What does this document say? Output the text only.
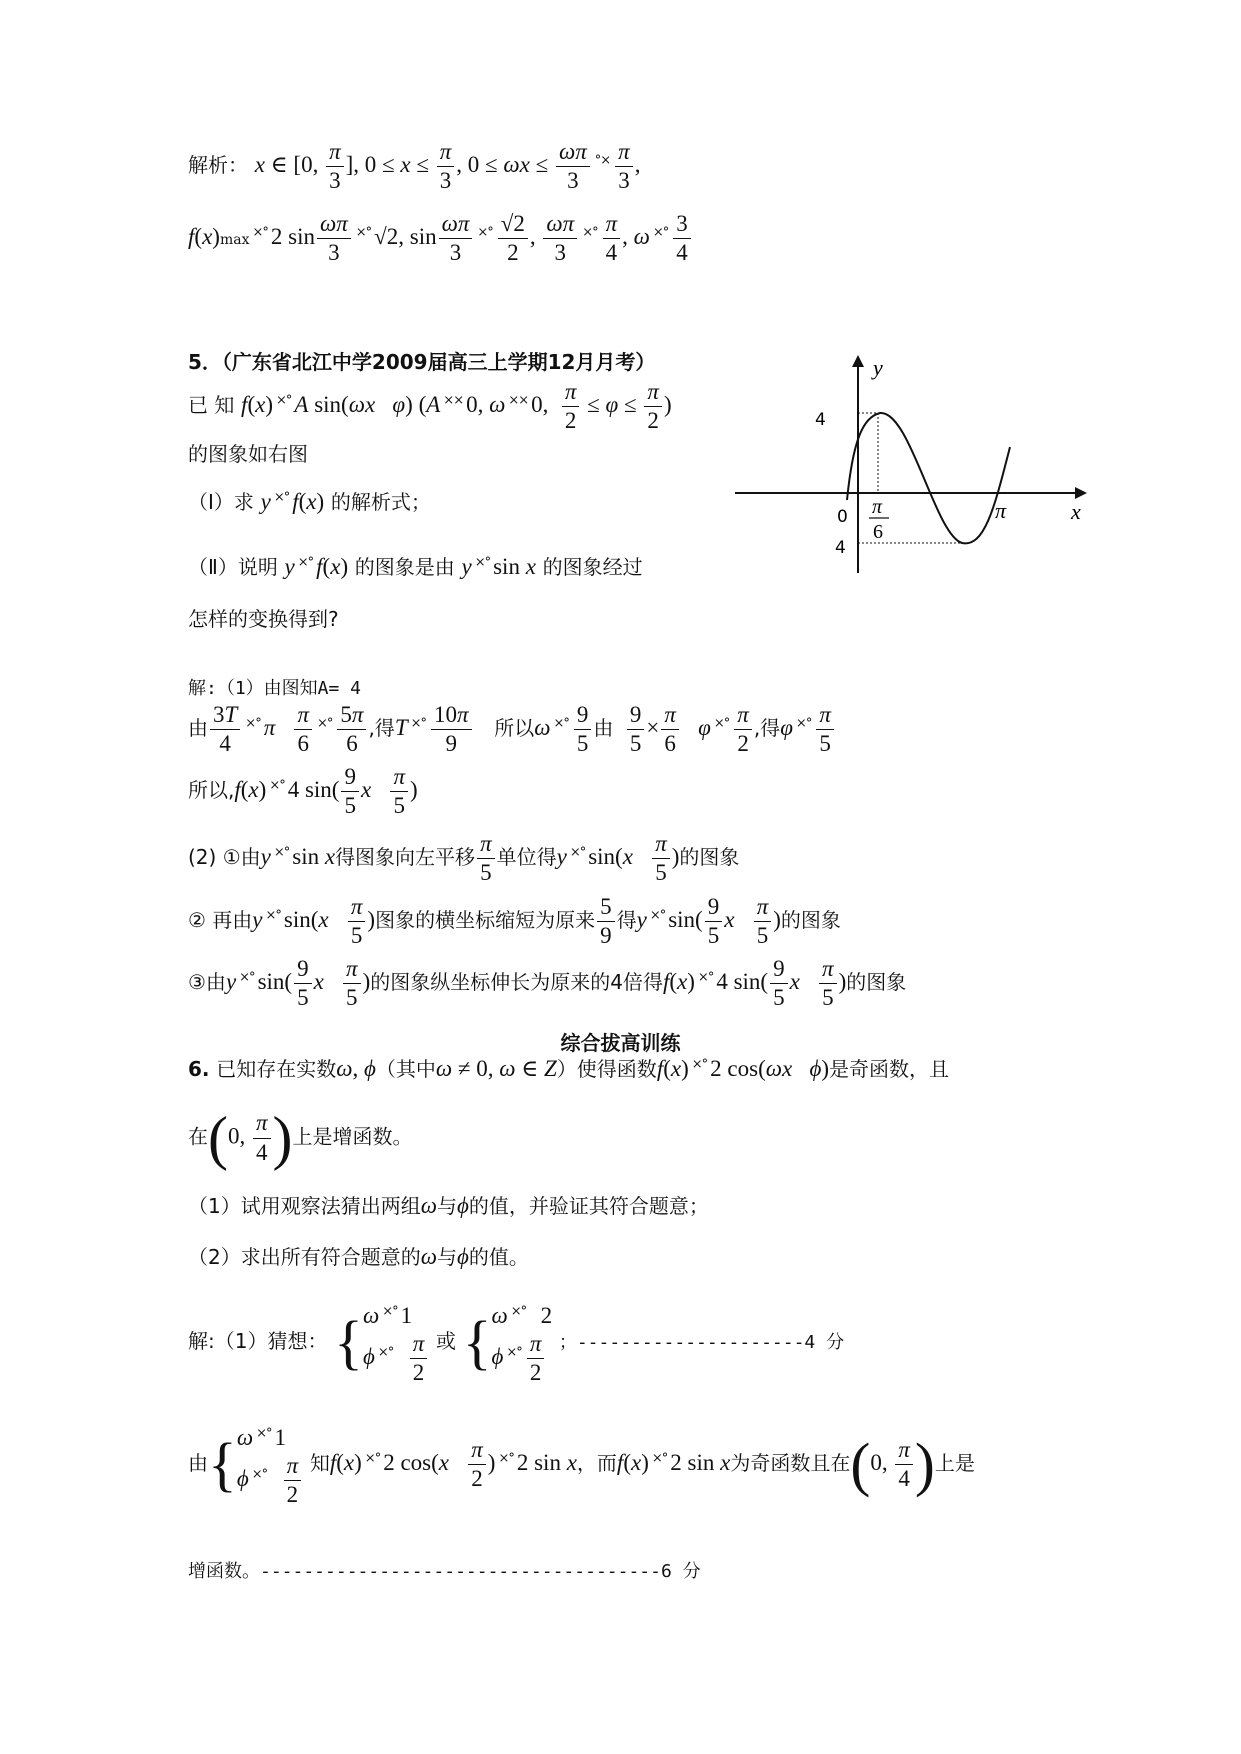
解析： x ∈ [0, $\frac{\pi}{3}$ ], $0 \le x \le \frac{\pi}{3}$ , $0 \le \omega x \le \frac{\omega\pi}{3} ^{^\circ\times} \frac{\pi}{3}$ ,
f(x)max ×° 2 $\sin \frac{\omega\pi}{3} ^{\times^\circ}$ √2, $\sin \frac{\omega\pi}{3} ^{\times^\circ} \frac{√2}{2}$ , $\frac{\omega\pi}{3} ^{\times^\circ} \frac{\pi}{4}$ , ω $^{\times^\circ} \frac{3}{4}$
5．（广东省北江中学2009届高三上学期12月月考）
已 知 f(x) ×° A sin(ωx φ) (A ×× 0, ω ×× 0, $\frac{\pi}{2} \le \varphi \le \frac{\pi}{2}$ )
的图象如右图
（Ⅰ）求 y ×° f(x) 的解析式；
（Ⅱ）说明 y ×° f(x) 的图象是由 y ×° sin x 的图象经过
怎样的变换得到?
y
x
4
4
0	π
π
6
解:（1）由图知A= 4
由 $\frac{3T}{4} ^{\times^\circ}$ π $\frac{\pi}{6} ^{\times^\circ} \frac{5\pi}{6}$ ,得T $^{\times^\circ} \frac{10\pi}{9}$ 所以ω $^{\times^\circ} \frac{9}{5}$ 由 $\frac{9}{5} \times \frac{\pi}{6}$ φ $^{\times^\circ} \frac{\pi}{2}$ ,得φ $^{\times^\circ} \frac{\pi}{5}$
所以,f(x) ×° 4 $\sin( \frac{9}{5}$ x $\frac{\pi}{5}$ )
(2) ①由y ×° sin x得图象向左平移 $\frac{\pi}{5}$ 单位得y ×° $\sin(x \frac{\pi}{5}$ )的图象
② 再由y ×° $\sin(x \frac{\pi}{5}$ )图象的横坐标缩短为原来 $\frac{5}{9}$ 得y ×° $\sin( \frac{9}{5}$ x $\frac{\pi}{5}$ )的图象
③由y ×° $\sin( \frac{9}{5}$ x $\frac{\pi}{5}$ )的图象纵坐标伸长为原来的4倍得f(x) ×° 4 $\sin( \frac{9}{5}$ x $\frac{\pi}{5}$ )的图象
综合拔高训练
6. 已知存在实数ω, ϕ（其中ω ≠ 0, ω ∈ Z）使得函数f(x) ×° 2 cos(ωx ϕ)是奇函数，且
在(0, $\frac{\pi}{4}$ )上是增函数。
（1）试用观察法猜出两组ω与ϕ的值，并验证其符合题意；
（2）求出所有符合题意的ω与ϕ的值。
解:（1）猜想： { ω ×° 1
ϕ $^{\times^\circ} \frac{\pi}{2}$ 或 { ω ×°  2
ϕ $^{\times^\circ} \frac{\pi}{2}$ ；---------------------4 分
由{ ω ×° 1
ϕ $^{\times^\circ} \frac{\pi}{2}$ 知f(x) ×° 2 $\cos(x \frac{\pi}{2}$ ) ×° 2 sin x，而f(x) ×° 2 sin x为奇函数且在(0, $\frac{\pi}{4}$ )上是
增函数。-------------------------------------6 分
